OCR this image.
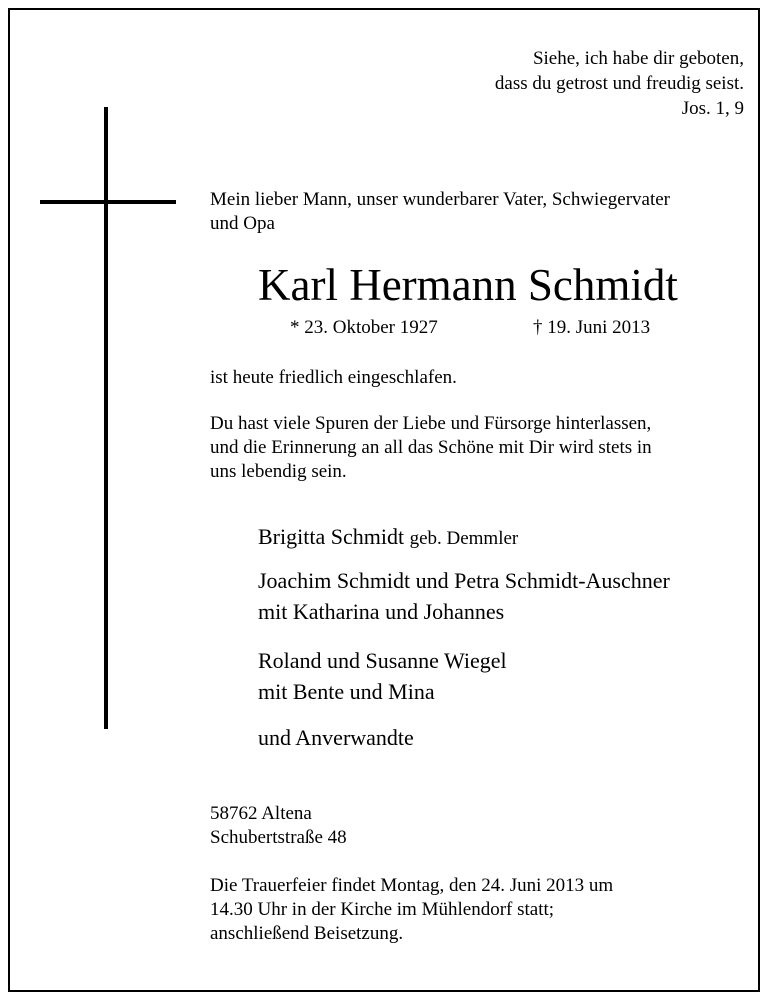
Siehe, ich habe dir geboten,
dass du getrost und freudig seist.
Jos. 1, 9
Mein lieber Mann, unser wunderbarer Vater, Schwiegervater
und Opa
Karl Hermann Schmidt
* 23. Oktober 1927	† 19. Juni 2013
ist heute friedlich eingeschlafen.
Du hast viele Spuren der Liebe und Fürsorge hinterlassen,
und die Erinnerung an all das Schöne mit Dir wird stets in
uns lebendig sein.
Brigitta Schmidt geb. Demmler
Joachim Schmidt und Petra Schmidt-Auschner
mit Katharina und Johannes
Roland und Susanne Wiegel
mit Bente und Mina
und Anverwandte
58762 Altena
Schubertstraße 48
Die Trauerfeier findet Montag, den 24. Juni 2013 um
14.30 Uhr in der Kirche im Mühlendorf statt;
anschließend Beisetzung.
